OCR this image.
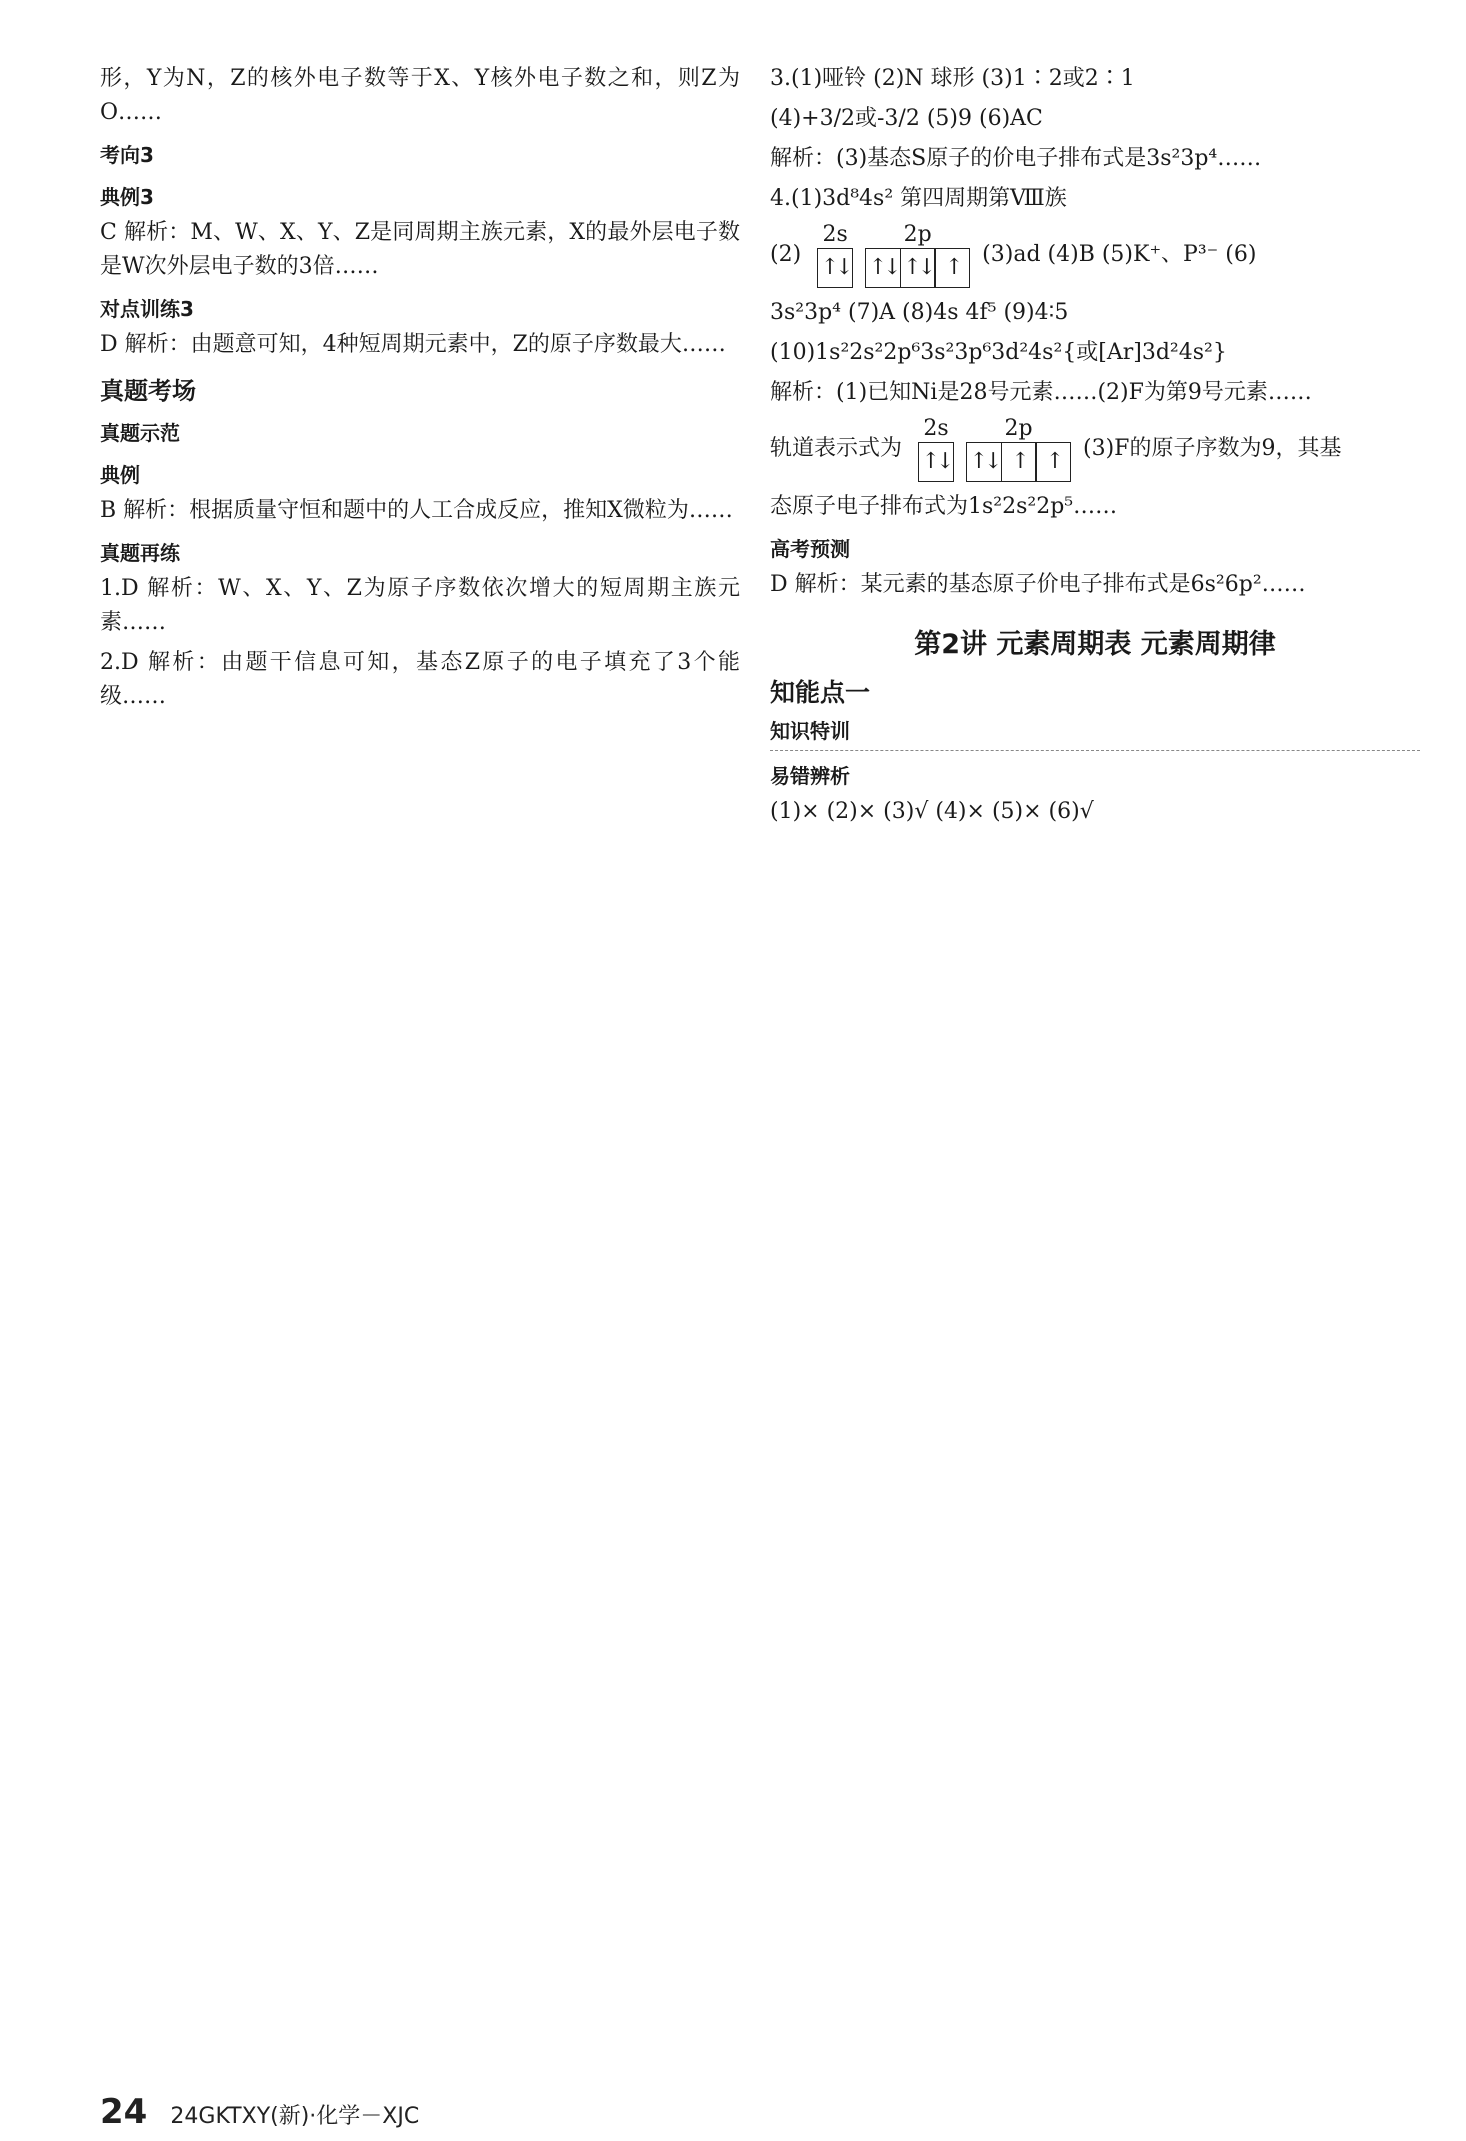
形，Y为N，Z的核外电子数等于X、Y核外电子数之和，则Z为O……

考向3
典例3

C 解析：M、W、X、Y、Z是同周期主族元素，X的最外层电子数是W次外层电子数的3倍……

对点训练3

D 解析：由题意可知，4种短周期元素中，Z的原子序数最大……

真题考场
真题示范
典例

B 解析：根据质量守恒和题中的人工合成反应，推知X微粒为……

真题再练

1.D 解析：W、X、Y、Z为原子序数依次增大的短周期主族元素……

2.D 解析：由题干信息可知，基态Z原子的电子填充了3个能级……

3.(1)哑铃 (2)N 球形 (3)1∶2或2∶1
(4)+3/2或-3/2 (5)9 (6)AC

解析：(3)基态S原子的价电子排布式是3s²3p⁴……

4.(1)3d⁸4s² 第四周期第Ⅷ族
(2)
2s
↑↓
2p
↑↓ ↑↓ ↑
(3)ad (4)B (5)K⁺、P³⁻ (6)
3s²3p⁴ (7)A (8)4s 4f⁵ (9)4∶5
(10)1s²2s²2p⁶3s²3p⁶3d²4s²{或[Ar]3d²4s²}

解析：(1)已知Ni是28号元素……(2)F为第9号元素……

轨道表示式为
2s
↑↓
2p
↑↓ ↑ ↑
(3)F的原子序数为9，其基

态原子电子排布式为1s²2s²2p⁵……

高考预测

D 解析：某元素的基态原子价电子排布式是6s²6p²……

第2讲 元素周期表 元素周期律
知能点一
知识特训
易错辨析
(1)× (2)× (3)√ (4)× (5)× (6)√
24 24GKTXY(新)·化学－XJC
